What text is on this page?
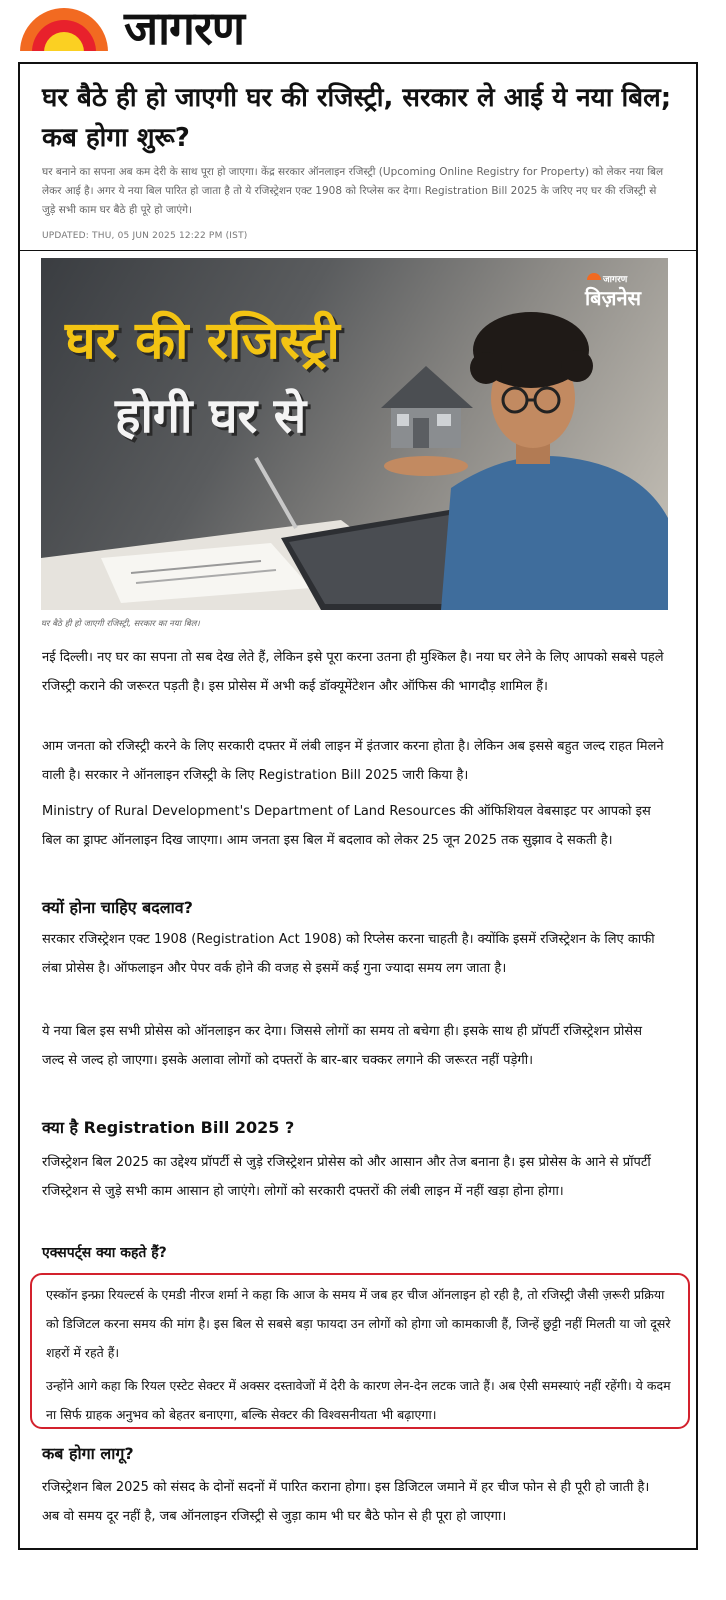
जागरण
घर बैठे ही हो जाएगी घर की रजिस्ट्री, सरकार ले आई ये नया बिल; कब होगा शुरू?

घर बनाने का सपना अब कम देरी के साथ पूरा हो जाएगा। केंद्र सरकार ऑनलाइन रजिस्ट्री (Upcoming Online Registry for Property) को लेकर नया बिल लेकर आई है। अगर ये नया बिल पारित हो जाता है तो ये रजिस्ट्रेशन एक्ट 1908 को रिप्लेस कर देगा। Registration Bill 2025 के जरिए नए घर की रजिस्ट्री से जुड़े सभी काम घर बैठे ही पूरे हो जाएंगे।

UPDATED: THU, 05 JUN 2025 12:22 PM (IST)
घर की रजिस्ट्री
होगी घर से
जागरण
बिज़नेस
घर बैठे ही हो जाएगी रजिस्ट्री, सरकार का नया बिल।

नई दिल्ली। नए घर का सपना तो सब देख लेते हैं, लेकिन इसे पूरा करना उतना ही मुश्किल है। नया घर लेने के लिए आपको सबसे पहले रजिस्ट्री कराने की जरूरत पड़ती है। इस प्रोसेस में अभी कई डॉक्यूमेंटेशन और ऑफिस की भागदौड़ शामिल हैं।

आम जनता को रजिस्ट्री करने के लिए सरकारी दफ्तर में लंबी लाइन में इंतजार करना होता है। लेकिन अब इससे बहुत जल्द राहत मिलने वाली है। सरकार ने ऑनलाइन रजिस्ट्री के लिए Registration Bill 2025 जारी किया है।

Ministry of Rural Development's Department of Land Resources की ऑफिशियल वेबसाइट पर आपको इस बिल का ड्राफ्ट ऑनलाइन दिख जाएगा। आम जनता इस बिल में बदलाव को लेकर 25 जून 2025 तक सुझाव दे सकती है।

क्यों होना चाहिए बदलाव?

सरकार रजिस्ट्रेशन एक्ट 1908 (Registration Act 1908) को रिप्लेस करना चाहती है। क्योंकि इसमें रजिस्ट्रेशन के लिए काफी लंबा प्रोसेस है। ऑफलाइन और पेपर वर्क होने की वजह से इसमें कई गुना ज्यादा समय लग जाता है।

ये नया बिल इस सभी प्रोसेस को ऑनलाइन कर देगा। जिससे लोगों का समय तो बचेगा ही। इसके साथ ही प्रॉपर्टी रजिस्ट्रेशन प्रोसेस जल्द से जल्द हो जाएगा। इसके अलावा लोगों को दफ्तरों के बार-बार चक्कर लगाने की जरूरत नहीं पड़ेगी।

क्या है Registration Bill 2025 ?

रजिस्ट्रेशन बिल 2025 का उद्देश्य प्रॉपर्टी से जुड़े रजिस्ट्रेशन प्रोसेस को और आसान और तेज बनाना है। इस प्रोसेस के आने से प्रॉपर्टी रजिस्ट्रेशन से जुड़े सभी काम आसान हो जाएंगे। लोगों को सरकारी दफ्तरों की लंबी लाइन में नहीं खड़ा होना होगा।

एक्सपर्ट्स क्या कहते हैं?

एस्कॉन इन्फ्रा रियल्टर्स के एमडी नीरज शर्मा ने कहा कि आज के समय में जब हर चीज ऑनलाइन हो रही है, तो रजिस्ट्री जैसी ज़रूरी प्रक्रिया को डिजिटल करना समय की मांग है। इस बिल से सबसे बड़ा फायदा उन लोगों को होगा जो कामकाजी हैं, जिन्हें छुट्टी नहीं मिलती या जो दूसरे शहरों में रहते हैं।

उन्होंने आगे कहा कि रियल एस्टेट सेक्टर में अक्सर दस्तावेजों में देरी के कारण लेन-देन लटक जाते हैं। अब ऐसी समस्याएं नहीं रहेंगी। ये कदम ना सिर्फ ग्राहक अनुभव को बेहतर बनाएगा, बल्कि सेक्टर की विश्वसनीयता भी बढ़ाएगा।

कब होगा लागू?

रजिस्ट्रेशन बिल 2025 को संसद के दोनों सदनों में पारित कराना होगा। इस डिजिटल जमाने में हर चीज फोन से ही पूरी हो जाती है। अब वो समय दूर नहीं है, जब ऑनलाइन रजिस्ट्री से जुड़ा काम भी घर बैठे फोन से ही पूरा हो जाएगा।
